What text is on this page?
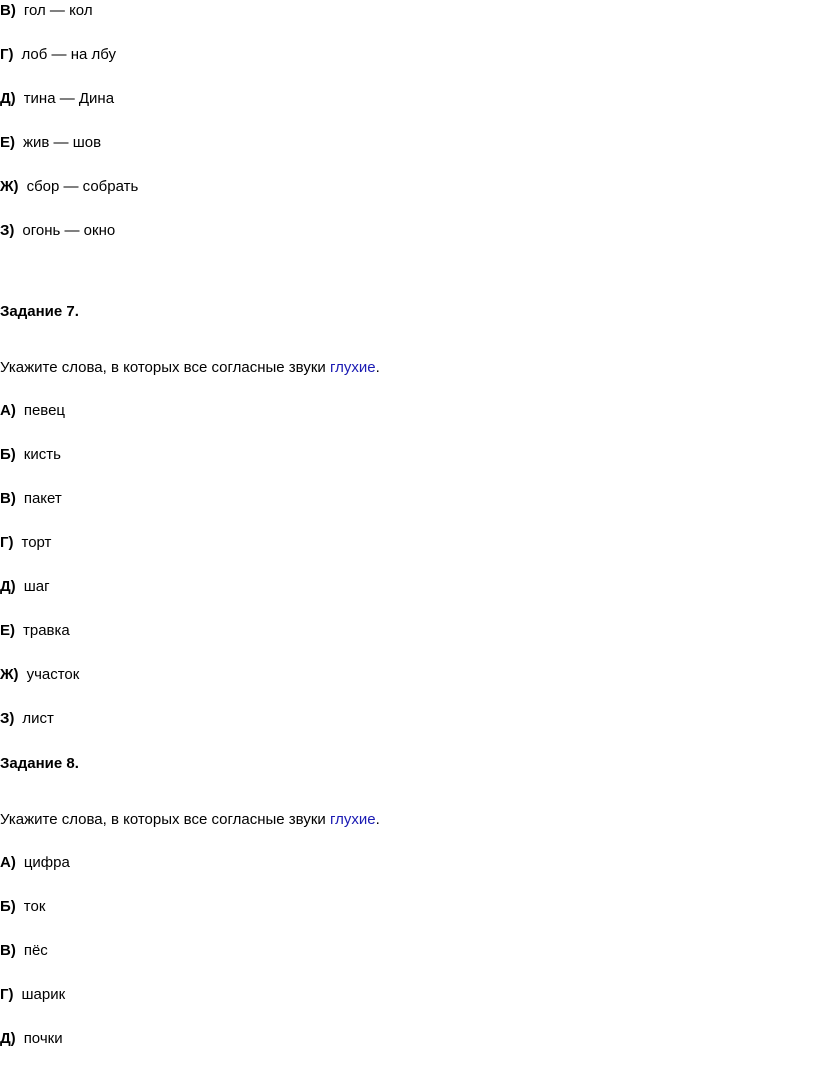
В) гол — кол
Г) лоб — на лбу
Д) тина — Дина
Е) жив — шов
Ж) сбор — собрать
З) огонь — окно
Задание 7.
Укажите слова, в которых все согласные звуки глухие.
А) певец
Б) кисть
В) пакет
Г) торт
Д) шаг
Е) травка
Ж) участок
З) лист
Задание 8.
Укажите слова, в которых все согласные звуки глухие.
А) цифра
Б) ток
В) пёс
Г) шарик
Д) почки
